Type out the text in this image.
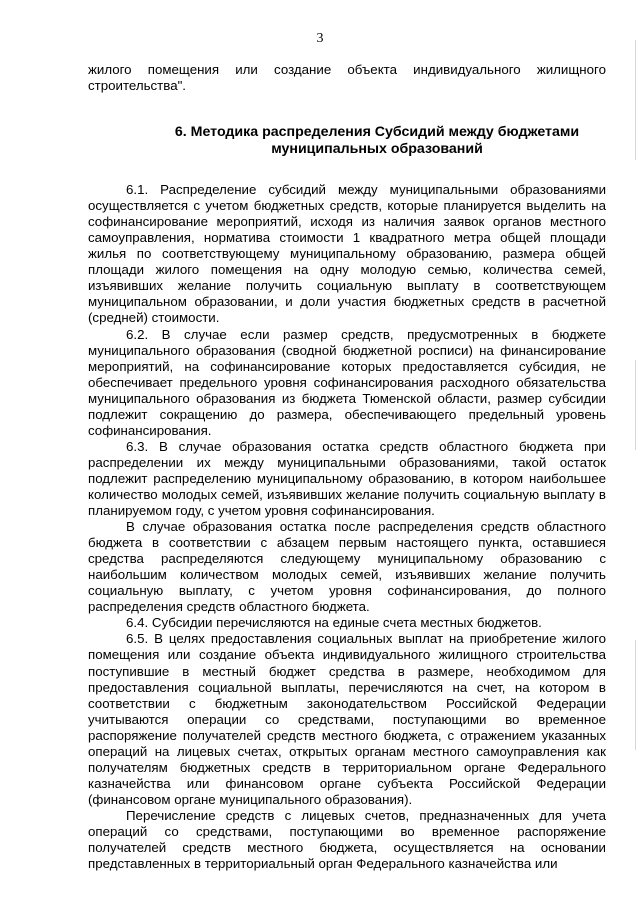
3

жилого помещения или создание объекта индивидуального жилищного строительства".

6. Методика распределения Субсидий между бюджетами
муниципальных образований

6.1. Распределение субсидий между муниципальными образованиями осуществляется с учетом бюджетных средств, которые планируется выделить на софинансирование мероприятий, исходя из наличия заявок органов местного самоуправления, норматива стоимости 1 квадратного метра общей площади жилья по соответствующему муниципальному образованию, размера общей площади жилого помещения на одну молодую семью, количества семей, изъявивших желание получить социальную выплату в соответствующем муниципальном образовании, и доли участия бюджетных средств в расчетной (средней) стоимости.

6.2. В случае если размер средств, предусмотренных в бюджете муниципального образования (сводной бюджетной росписи) на финансирование мероприятий, на софинансирование которых предоставляется субсидия, не обеспечивает предельного уровня софинансирования расходного обязательства муниципального образования из бюджета Тюменской области, размер субсидии подлежит сокращению до размера, обеспечивающего предельный уровень софинансирования.

6.3. В случае образования остатка средств областного бюджета при распределении их между муниципальными образованиями, такой остаток подлежит распределению муниципальному образованию, в котором наибольшее количество молодых семей, изъявивших желание получить социальную выплату в планируемом году, с учетом уровня софинансирования.

В случае образования остатка после распределения средств областного бюджета в соответствии с абзацем первым настоящего пункта, оставшиеся средства распределяются следующему муниципальному образованию с наибольшим количеством молодых семей, изъявивших желание получить социальную выплату, с учетом уровня софинансирования, до полного распределения средств областного бюджета.

6.4. Субсидии перечисляются на единые счета местных бюджетов.

6.5. В целях предоставления социальных выплат на приобретение жилого помещения или создание объекта индивидуального жилищного строительства поступившие в местный бюджет средства в размере, необходимом для предоставления социальной выплаты, перечисляются на счет, на котором в соответствии с бюджетным законодательством Российской Федерации учитываются операции со средствами, поступающими во временное распоряжение получателей средств местного бюджета, с отражением указанных операций на лицевых счетах, открытых органам местного самоуправления как получателям бюджетных средств в территориальном органе Федерального казначейства или финансовом органе субъекта Российской Федерации (финансовом органе муниципального образования).

Перечисление средств с лицевых счетов, предназначенных для учета операций со средствами, поступающими во временное распоряжение получателей средств местного бюджета, осуществляется на основании представленных в территориальный орган Федерального казначейства или
